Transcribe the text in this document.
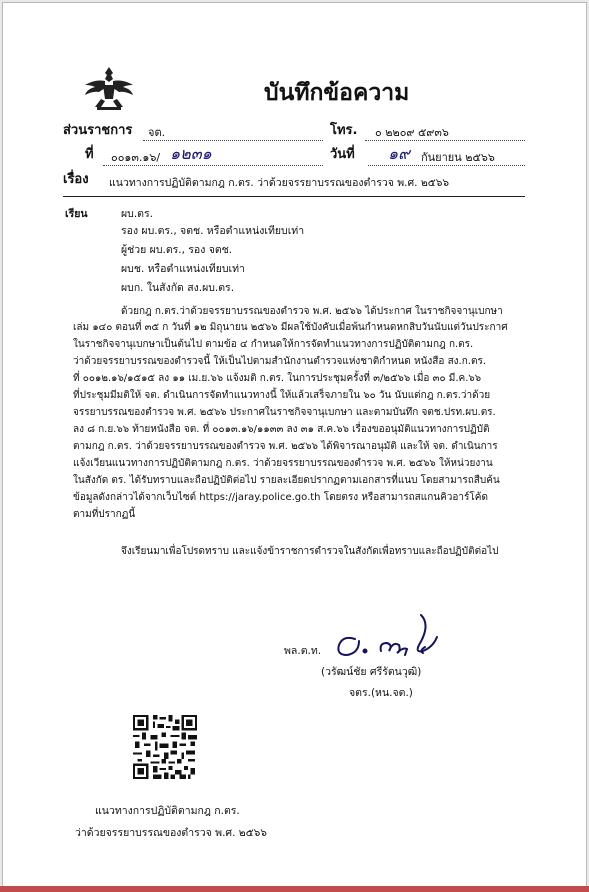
บันทึกข้อความ
ส่วนราชการ จต.	โทร. ๐ ๒๒๐๙ ๕๙๓๖
ที่ ๐๐๑๓.๑๖/ ๑๒๓๑	วันที่ ๑๙ กันยายน ๒๕๖๖
เรื่อง แนวทางการปฏิบัติตามกฎ ก.ตร. ว่าด้วยจรรยาบรรณของตำรวจ พ.ศ. ๒๕๖๖
เรียน	ผบ.ตร.
รอง ผบ.ตร., จตช. หรือตำแหน่งเทียบเท่า
ผู้ช่วย ผบ.ตร., รอง จตช.
ผบช. หรือตำแหน่งเทียบเท่า
ผบก. ในสังกัด สง.ผบ.ตร.
ด้วยกฎ ก.ตร.ว่าด้วยจรรยาบรรณของตำรวจ พ.ศ. ๒๕๖๖ ได้ประกาศ ในราชกิจจานุเบกษา
เล่ม ๑๔๐ ตอนที่ ๓๕ ก วันที่ ๑๒ มิถุนายน ๒๕๖๖ มีผลใช้บังคับเมื่อพ้นกำหนดหกสิบวันนับแต่วันประกาศ
ในราชกิจจานุเบกษาเป็นต้นไป ตามข้อ ๔ กำหนดให้การจัดทำแนวทางการปฏิบัติตามกฎ ก.ตร.
ว่าด้วยจรรยาบรรณของตำรวจนี้ ให้เป็นไปตามสำนักงานตำรวจแห่งชาติกำหนด หนังสือ สง.ก.ตร.
ที่ ๐๐๑๒.๑๖/๑๕๑๕ ลง ๑๑ เม.ย.๖๖ แจ้งมติ ก.ตร. ในการประชุมครั้งที่ ๓/๒๕๖๖ เมื่อ ๓๐ มี.ค.๖๖
ที่ประชุมมีมติให้ จต. ดำเนินการจัดทำแนวทางนี้ ให้แล้วเสร็จภายใน ๖๐ วัน นับแต่กฎ ก.ตร.ว่าด้วย
จรรยาบรรณของตำรวจ พ.ศ. ๒๕๖๖ ประกาศในราชกิจจานุเบกษา และตามบันทึก จตช.ปรท.ผบ.ตร.
ลง ๘ ก.ย.๖๖ ท้ายหนังสือ จต. ที่ ๐๐๑๓.๑๖/๑๑๓๓ ลง ๓๑ ส.ค.๖๖ เรื่องขออนุมัติแนวทางการปฏิบัติ
ตามกฎ ก.ตร. ว่าด้วยจรรยาบรรณของตำรวจ พ.ศ. ๒๕๖๖ ได้พิจารณาอนุมัติ และให้ จต. ดำเนินการ
แจ้งเวียนแนวทางการปฏิบัติตามกฎ ก.ตร. ว่าด้วยจรรยาบรรณของตำรวจ พ.ศ. ๒๕๖๖ ให้หน่วยงาน
ในสังกัด ตร. ได้รับทราบและถือปฏิบัติต่อไป รายละเอียดปรากฏตามเอกสารที่แนบ โดยสามารถสืบค้น
ข้อมูลดังกล่าวได้จากเว็บไซต์ https://jaray.police.go.th โดยตรง หรือสามารถสแกนคิวอาร์โค้ด
ตามที่ปรากฏนี้
จึงเรียนมาเพื่อโปรดทราบ และแจ้งข้าราชการตำรวจในสังกัดเพื่อทราบและถือปฏิบัติต่อไป
พล.ต.ท.
(วรัฒน์ชัย ศรีรัตนวุฒิ)
จตร.(หน.จต.)
แนวทางการปฏิบัติตามกฎ ก.ตร.
ว่าด้วยจรรยาบรรณของตำรวจ พ.ศ. ๒๕๖๖
